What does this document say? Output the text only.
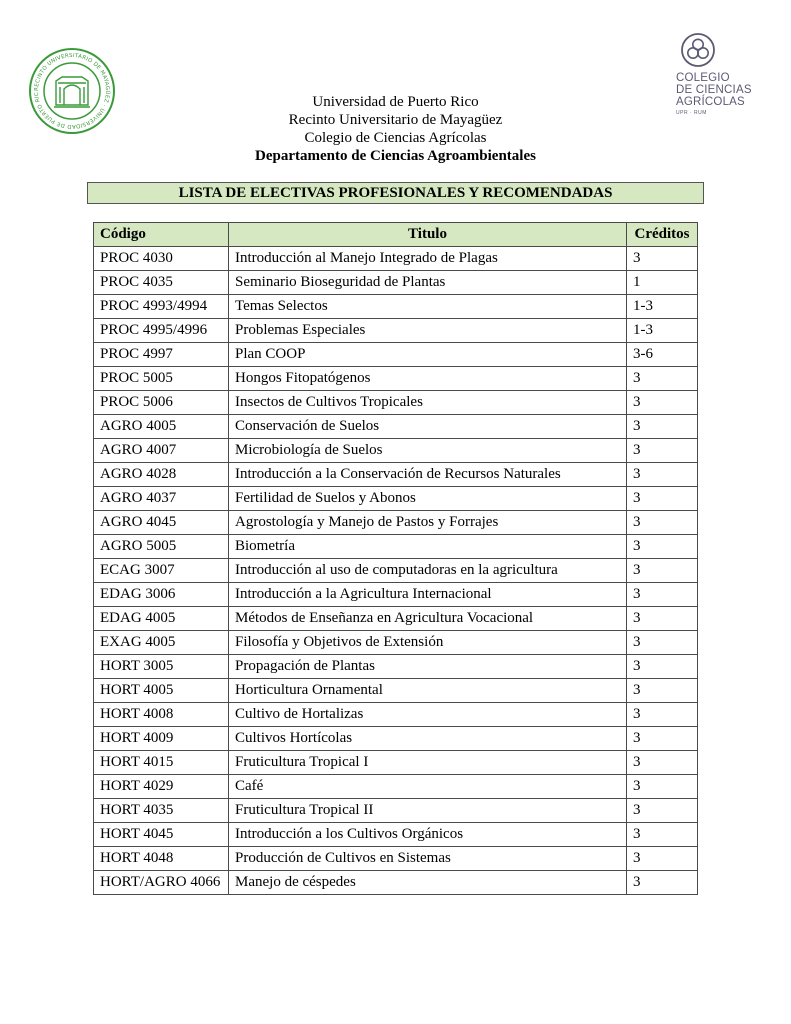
RECINTO UNIVERSITARIO DE MAYAGÜEZ · UNIVERSIDAD DE PUERTO RIC
COLEGIO
DE CIENCIAS
AGRÍCOLAS
UPR · RUM
Universidad de Puerto Rico
Recinto Universitario de Mayagüez
Colegio de Ciencias Agrícolas
Departamento de Ciencias Agroambientales
LISTA DE ELECTIVAS PROFESIONALES Y RECOMENDADAS
Código	Titulo	Créditos
PROC 4030	Introducción al Manejo Integrado de Plagas	3
PROC 4035	Seminario Bioseguridad de Plantas	1
PROC 4993/4994	Temas Selectos	1-3
PROC 4995/4996	Problemas Especiales	1-3
PROC 4997	Plan COOP	3-6
PROC 5005	Hongos Fitopatógenos	3
PROC 5006	Insectos de Cultivos Tropicales	3
AGRO 4005	Conservación de Suelos	3
AGRO 4007	Microbiología de Suelos	3
AGRO 4028	Introducción a la Conservación de Recursos Naturales	3
AGRO 4037	Fertilidad de Suelos y Abonos	3
AGRO 4045	Agrostología y Manejo de Pastos y Forrajes	3
AGRO 5005	Biometría	3
ECAG 3007	Introducción al uso de computadoras en la agricultura	3
EDAG 3006	Introducción a la Agricultura Internacional	3
EDAG 4005	Métodos de Enseñanza en Agricultura Vocacional	3
EXAG 4005	Filosofía y Objetivos de Extensión	3
HORT 3005	Propagación de Plantas	3
HORT 4005	Horticultura Ornamental	3
HORT 4008	Cultivo de Hortalizas	3
HORT 4009	Cultivos Hortícolas	3
HORT 4015	Fruticultura Tropical I	3
HORT 4029	Café	3
HORT 4035	Fruticultura Tropical II	3
HORT 4045	Introducción a los Cultivos Orgánicos	3
HORT 4048	Producción de Cultivos en Sistemas	3
HORT/AGRO 4066	Manejo de céspedes	3
